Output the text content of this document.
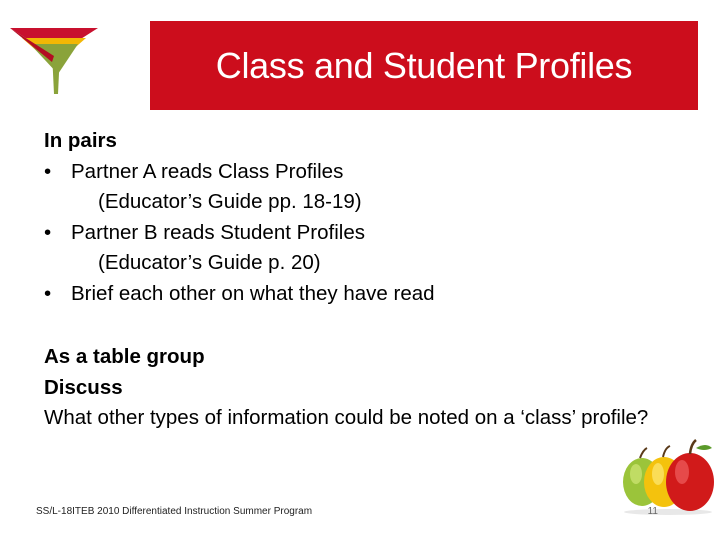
Class and Student Profiles
In pairs
• Partner A reads Class Profiles
(Educator’s Guide pp. 18-19)
• Partner B reads Student Profiles
(Educator’s Guide p. 20)
• Brief each other on what they have read
As a table group
Discuss
What other types of information could be noted on a ‘class’ profile?
SS/L-18ITEB 2010 Differentiated Instruction Summer Program	11
